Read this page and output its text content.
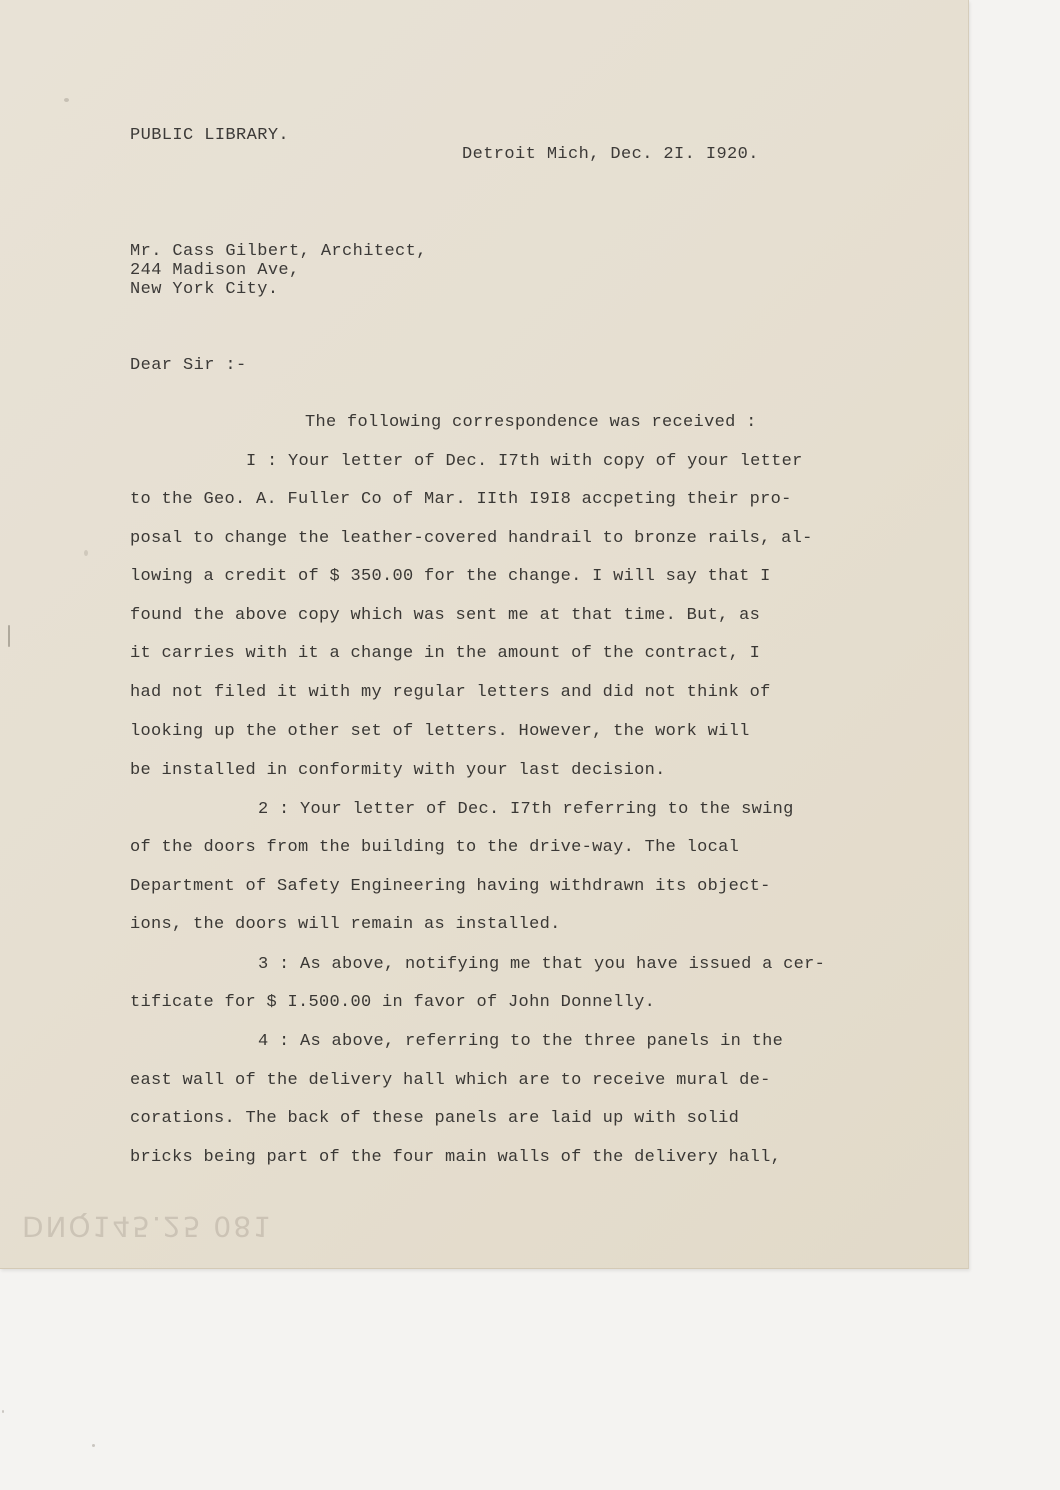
PUBLIC LIBRARY.
Detroit Mich, Dec. 2I. I920.
Mr. Cass Gilbert, Architect,
244 Madison Ave,
New York City.
Dear Sir :-
The following correspondence was received :
I : Your letter of Dec. I7th with copy of your letter
to the Geo. A. Fuller Co of Mar. IIth I9I8 accpeting their pro-
posal to change the leather-covered handrail to bronze rails, al-
lowing a credit of $ 350.00 for the change. I will say that I
found the above copy which was sent me at that time. But, as
it carries with it a change in the amount of the contract, I
had not filed it with my regular letters and did not think of
looking up the other set of letters. However, the work will
be installed in conformity with your last decision.
2 : Your letter of Dec. I7th referring to the swing
of the doors from the building to the drive-way. The local
Department of Safety Engineering having withdrawn its object-
ions, the doors will remain as installed.
3 : As above, notifying me that you have issued a cer-
tificate for $ I.500.00 in favor of John Donnelly.
4 : As above, referring to the three panels in the
east wall of the delivery hall which are to receive mural de-
corations. The back of these panels are laid up with solid
bricks being part of the four main walls of the delivery hall,
DNQ145.25 081
